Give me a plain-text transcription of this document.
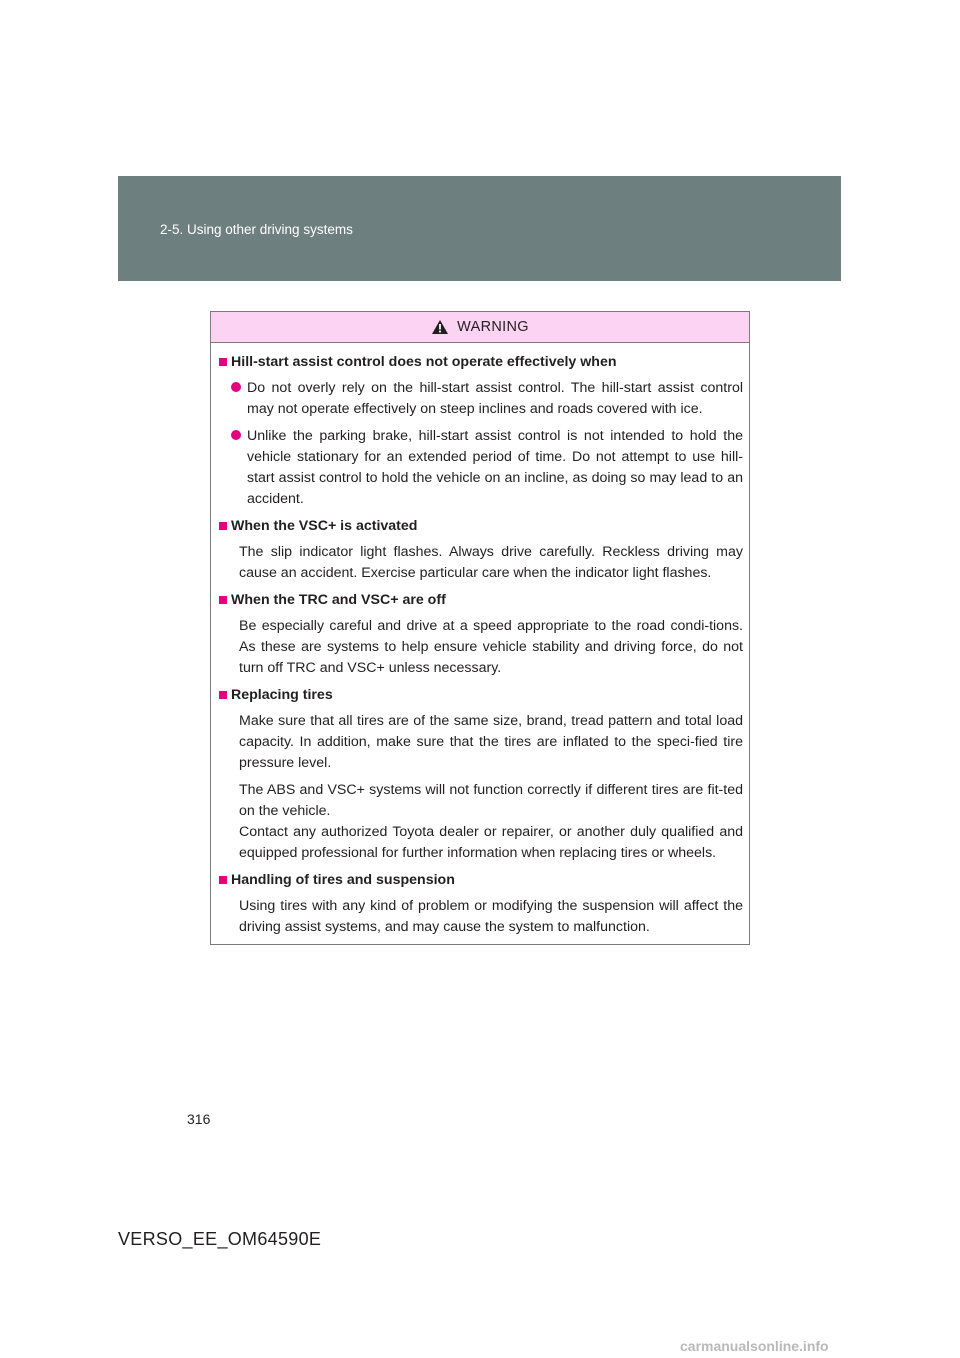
2-5. Using other driving systems
WARNING
Hill-start assist control does not operate effectively when
Do not overly rely on the hill-start assist control. The hill-start assist control may not operate effectively on steep inclines and roads covered with ice.
Unlike the parking brake, hill-start assist control is not intended to hold the vehicle stationary for an extended period of time. Do not attempt to use hill-start assist control to hold the vehicle on an incline, as doing so may lead to an accident.
When the VSC+ is activated
The slip indicator light flashes. Always drive carefully. Reckless driving may cause an accident. Exercise particular care when the indicator light flashes.
When the TRC and VSC+ are off
Be especially careful and drive at a speed appropriate to the road condi-tions. As these are systems to help ensure vehicle stability and driving force, do not turn off TRC and VSC+ unless necessary.
Replacing tires
Make sure that all tires are of the same size, brand, tread pattern and total load capacity. In addition, make sure that the tires are inflated to the speci-fied tire pressure level.
The ABS and VSC+ systems will not function correctly if different tires are fit-ted on the vehicle.
Contact any authorized Toyota dealer or repairer, or another duly qualified and equipped professional for further information when replacing tires or wheels.
Handling of tires and suspension
Using tires with any kind of problem or modifying the suspension will affect the driving assist systems, and may cause the system to malfunction.
316
VERSO_EE_OM64590E
carmanualsonline.info
